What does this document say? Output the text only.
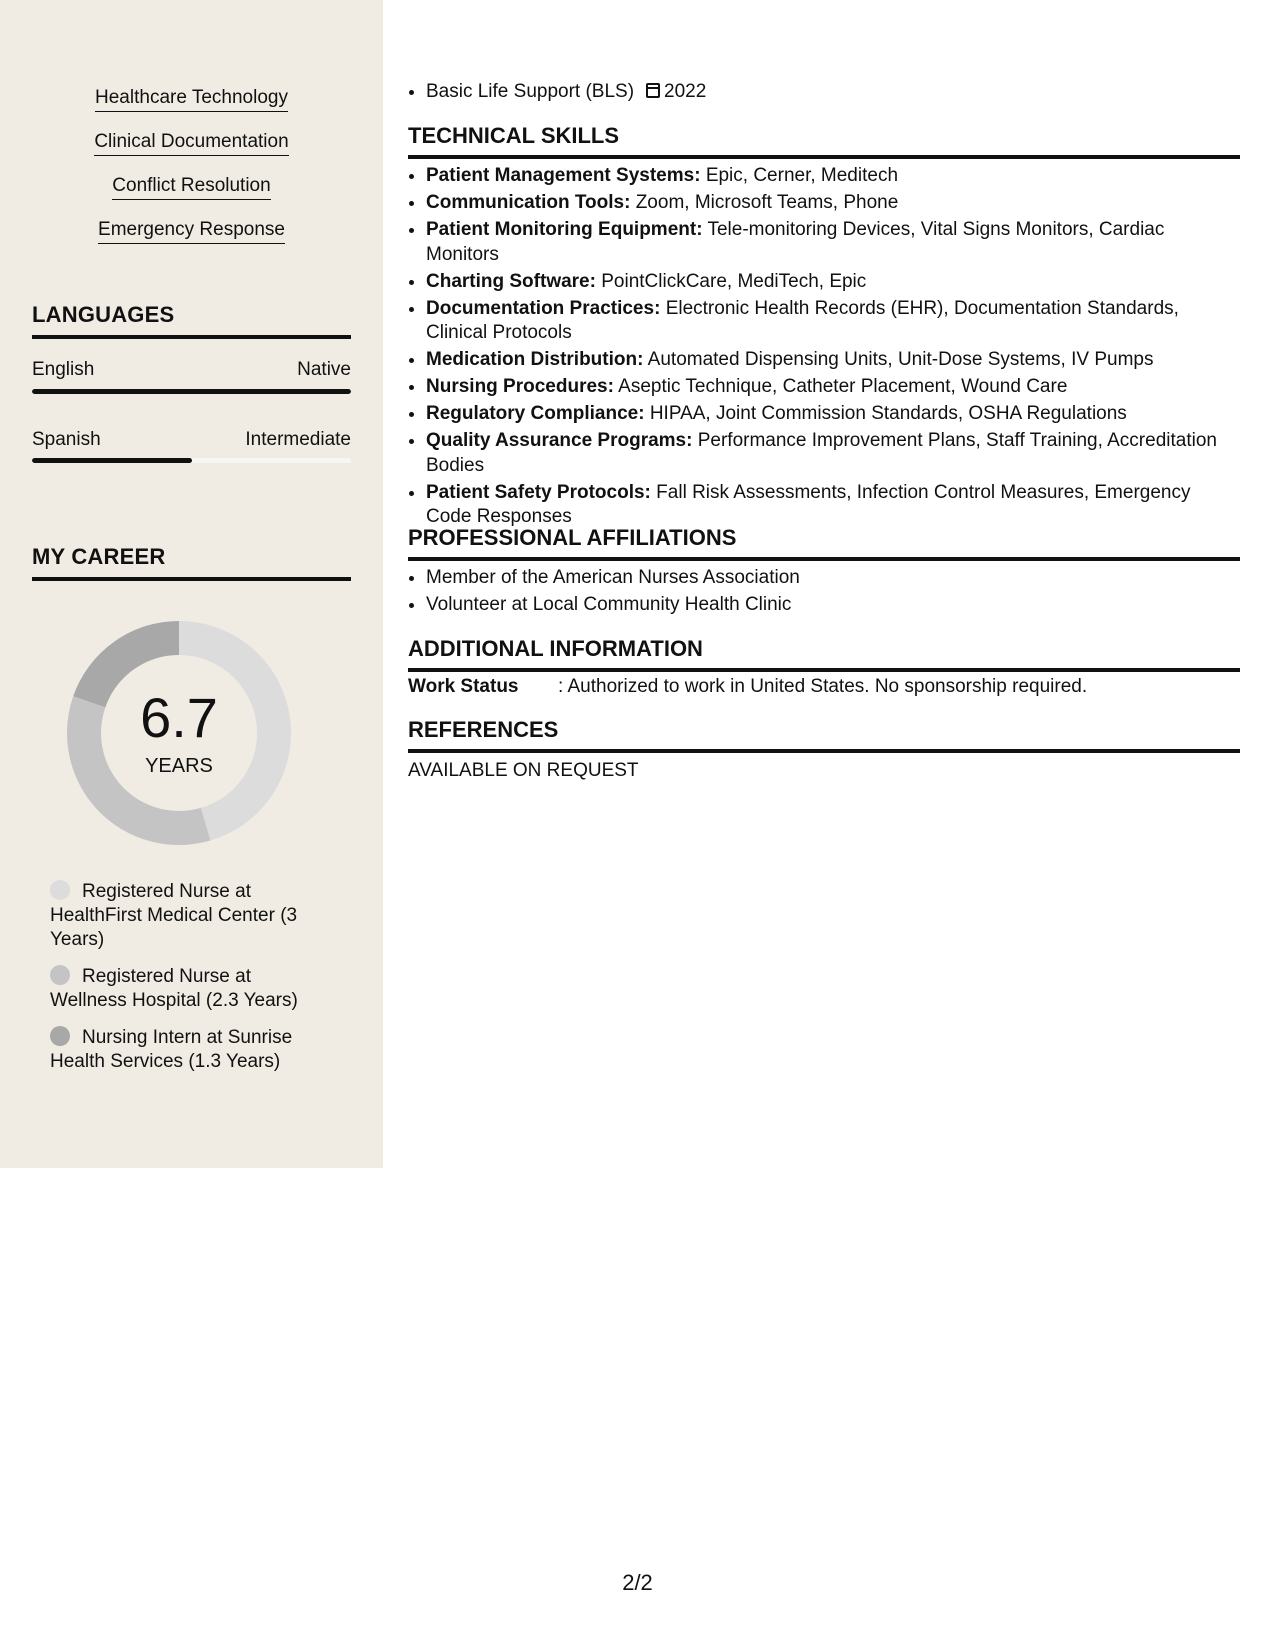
Healthcare Technology
Clinical Documentation
Conflict Resolution
Emergency Response
LANGUAGES
English	Native
Spanish	Intermediate
MY CAREER
6.7
YEARS
Registered Nurse at HealthFirst Medical Center (3 Years)
Registered Nurse at Wellness Hospital (2.3 Years)
Nursing Intern at Sunrise Health Services (1.3 Years)
• Basic Life Support (BLS) 2022
TECHNICAL SKILLS
• Patient Management Systems: Epic, Cerner, Meditech
• Communication Tools: Zoom, Microsoft Teams, Phone
• Patient Monitoring Equipment: Tele-monitoring Devices, Vital Signs Monitors, Cardiac Monitors
• Charting Software: PointClickCare, MediTech, Epic
• Documentation Practices: Electronic Health Records (EHR), Documentation Standards, Clinical Protocols
• Medication Distribution: Automated Dispensing Units, Unit-Dose Systems, IV Pumps
• Nursing Procedures: Aseptic Technique, Catheter Placement, Wound Care
• Regulatory Compliance: HIPAA, Joint Commission Standards, OSHA Regulations
• Quality Assurance Programs: Performance Improvement Plans, Staff Training, Accreditation Bodies
• Patient Safety Protocols: Fall Risk Assessments, Infection Control Measures, Emergency Code Responses
PROFESSIONAL AFFILIATIONS
• Member of the American Nurses Association
• Volunteer at Local Community Health Clinic
ADDITIONAL INFORMATION
Work Status : Authorized to work in United States. No sponsorship required.
REFERENCES
AVAILABLE ON REQUEST
2/2
